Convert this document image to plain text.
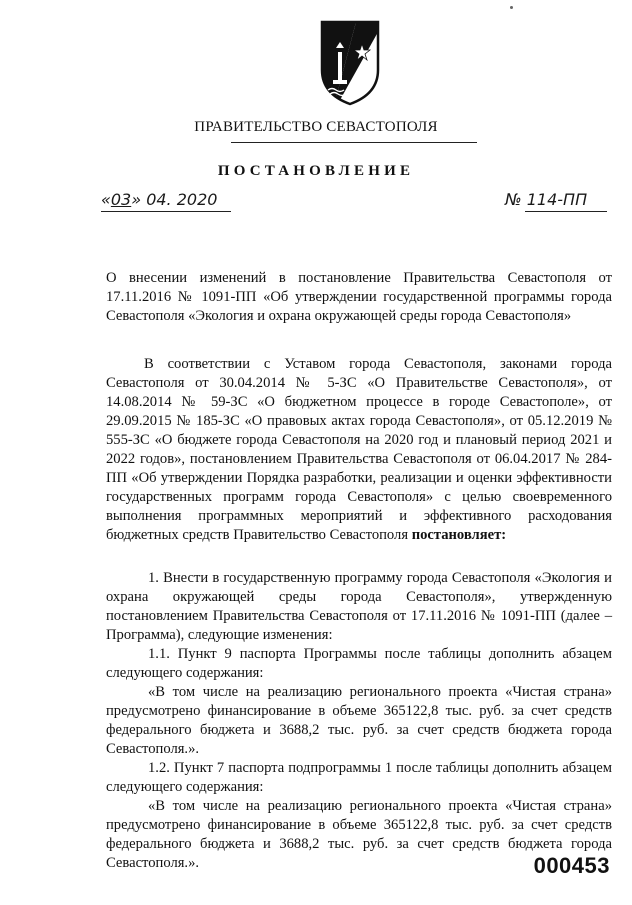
ПРАВИТЕЛЬСТВО СЕВАСТОПОЛЯ
ПОСТАНОВЛЕНИЕ
«03» 04. 2020	№ 114-ПП

О внесении изменений в постановление Правительства Севастополя от 17.11.2016 № 1091-ПП «Об утверждении государственной программы города Севастополя «Экология и охрана окружающей среды города Севастополя»

В соответствии с Уставом города Севастополя, законами города Севастополя от 30.04.2014 № 5-ЗС «О Правительстве Севастополя», от 14.08.2014 № 59-ЗС «О бюджетном процессе в городе Севастополе», от 29.09.2015 № 185-ЗС «О правовых актах города Севастополя», от 05.12.2019 № 555-ЗС «О бюджете города Севастополя на 2020 год и плановый период 2021 и 2022 годов», постановлением Правительства Севастополя от 06.04.2017 № 284-ПП «Об утверждении Порядка разработки, реализации и оценки эффективности государственных программ города Севастополя» с целью своевременного выполнения программных мероприятий и эффективного расходования бюджетных средств Правительство Севастополя постановляет:

1. Внести в государственную программу города Севастополя «Экология и охрана окружающей среды города Севастополя», утвержденную постановлением Правительства Севастополя от 17.11.2016 № 1091-ПП (далее – Программа), следующие изменения:

1.1. Пункт 9 паспорта Программы после таблицы дополнить абзацем следующего содержания:

«В том числе на реализацию регионального проекта «Чистая страна» предусмотрено финансирование в объеме 365122,8 тыс. руб. за счет средств федерального бюджета и 3688,2 тыс. руб. за счет средств бюджета города Севастополя.».

1.2. Пункт 7 паспорта подпрограммы 1 после таблицы дополнить абзацем следующего содержания:

«В том числе на реализацию регионального проекта «Чистая страна» предусмотрено финансирование в объеме 365122,8 тыс. руб. за счет средств федерального бюджета и 3688,2 тыс. руб. за счет средств бюджета города Севастополя.».	000453
